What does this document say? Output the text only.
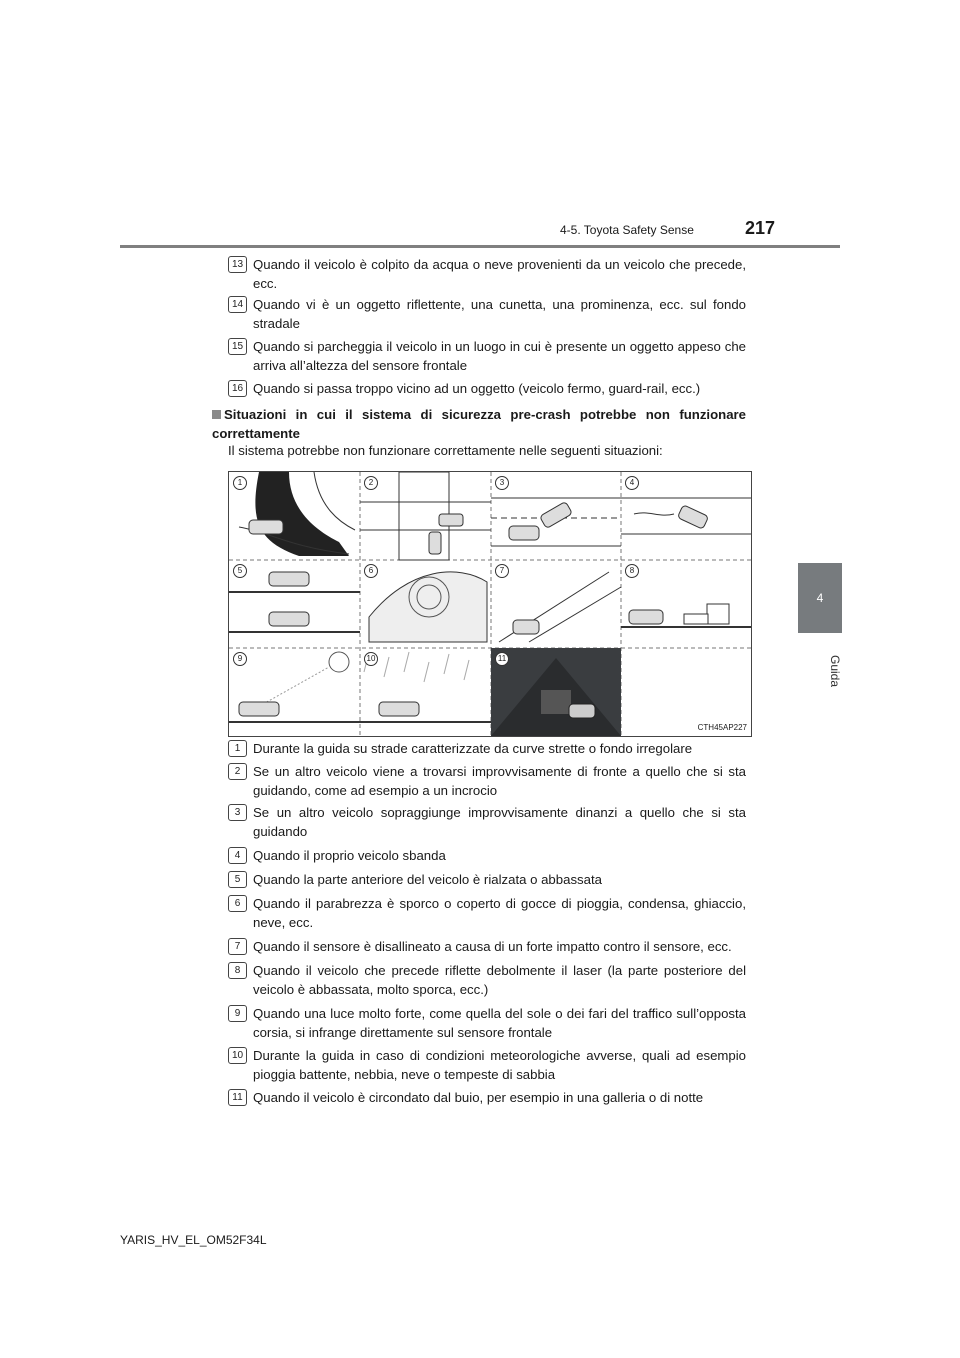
4-5. Toyota Safety Sense	217
4
Guida
13 Quando il veicolo è colpito da acqua o neve provenienti da un veicolo che precede, ecc.
14 Quando vi è un oggetto riflettente, una cunetta, una prominenza, ecc. sul fondo stradale
15 Quando si parcheggia il veicolo in un luogo in cui è presente un oggetto appeso che arriva all’altezza del sensore frontale
16 Quando si passa troppo vicino ad un oggetto (veicolo fermo, guard-rail, ecc.)
Situazioni in cui il sistema di sicurezza pre-crash potrebbe non funzionare correttamente
Il sistema potrebbe non funzionare correttamente nelle seguenti situazioni:
1	2	3	4
5	6	7	8
9	10	11
CTH45AP227
1 Durante la guida su strade caratterizzate da curve strette o fondo irregolare
2 Se un altro veicolo viene a trovarsi improvvisamente di fronte a quello che si sta guidando, come ad esempio a un incrocio
3 Se un altro veicolo sopraggiunge improvvisamente dinanzi a quello che si sta guidando
4 Quando il proprio veicolo sbanda
5 Quando la parte anteriore del veicolo è rialzata o abbassata
6 Quando il parabrezza è sporco o coperto di gocce di pioggia, condensa, ghiaccio, neve, ecc.
7 Quando il sensore è disallineato a causa di un forte impatto contro il sensore, ecc.
8 Quando il veicolo che precede riflette debolmente il laser (la parte posteriore del veicolo è abbassata, molto sporca, ecc.)
9 Quando una luce molto forte, come quella del sole o dei fari del traffico sull’opposta corsia, si infrange direttamente sul sensore frontale
10 Durante la guida in caso di condizioni meteorologiche avverse, quali ad esempio pioggia battente, nebbia, neve o tempeste di sabbia
11 Quando il veicolo è circondato dal buio, per esempio in una galleria o di notte
YARIS_HV_EL_OM52F34L
